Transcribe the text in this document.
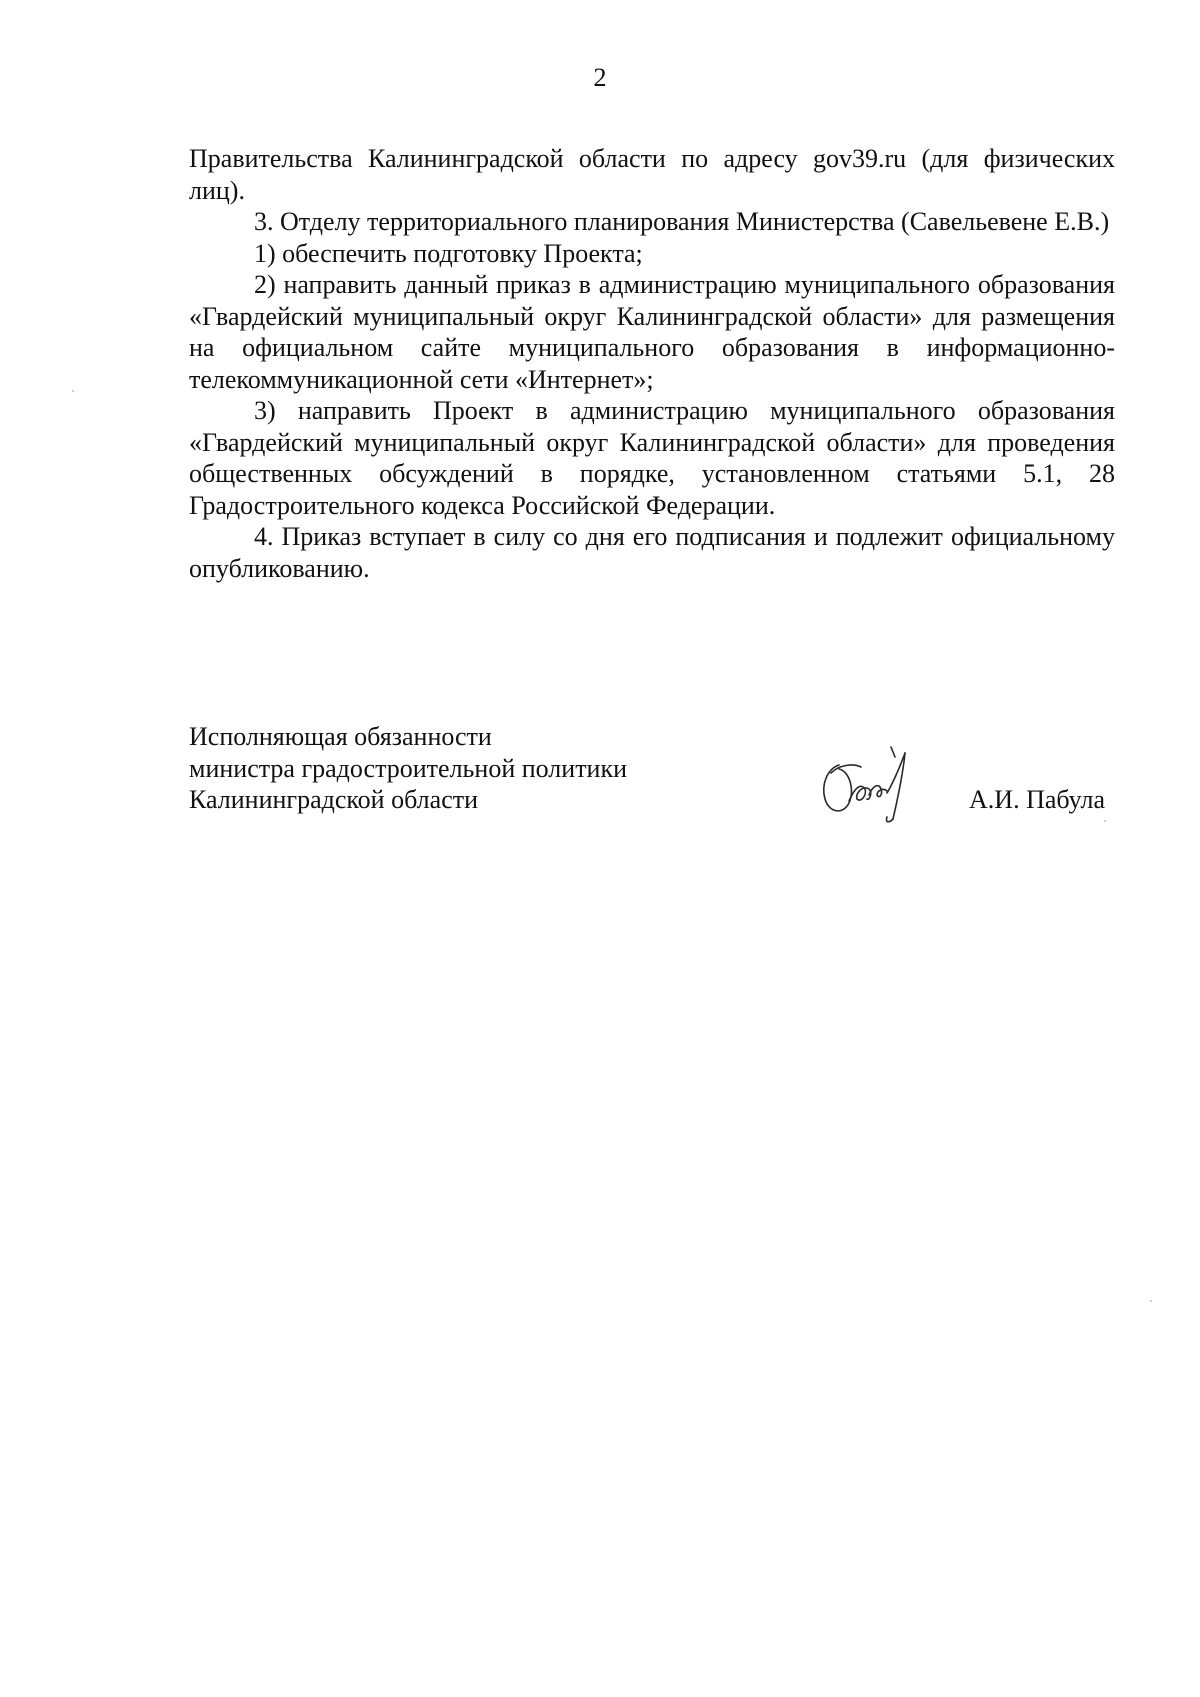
2

Правительства Калининградской области по адресу gov39.ru (для физических лиц).

3. Отделу территориального планирования Министерства (Савельевене Е.В.)

1) обеспечить подготовку Проекта;

2) направить данный приказ в администрацию муниципального образования «Гвардейский муниципальный округ Калининградской области» для размещения на официальном сайте муниципального образования в информационно-телекоммуникационной сети «Интернет»;

3) направить Проект в администрацию муниципального образования «Гвардейский муниципальный округ Калининградской области» для проведения общественных обсуждений в порядке, установленном статьями 5.1, 28 Градостроительного кодекса Российской Федерации.

4. Приказ вступает в силу со дня его подписания и подлежит официальному опубликованию.

Исполняющая обязанности
министра градостроительной политики
Калининградской области	А.И. Пабула
